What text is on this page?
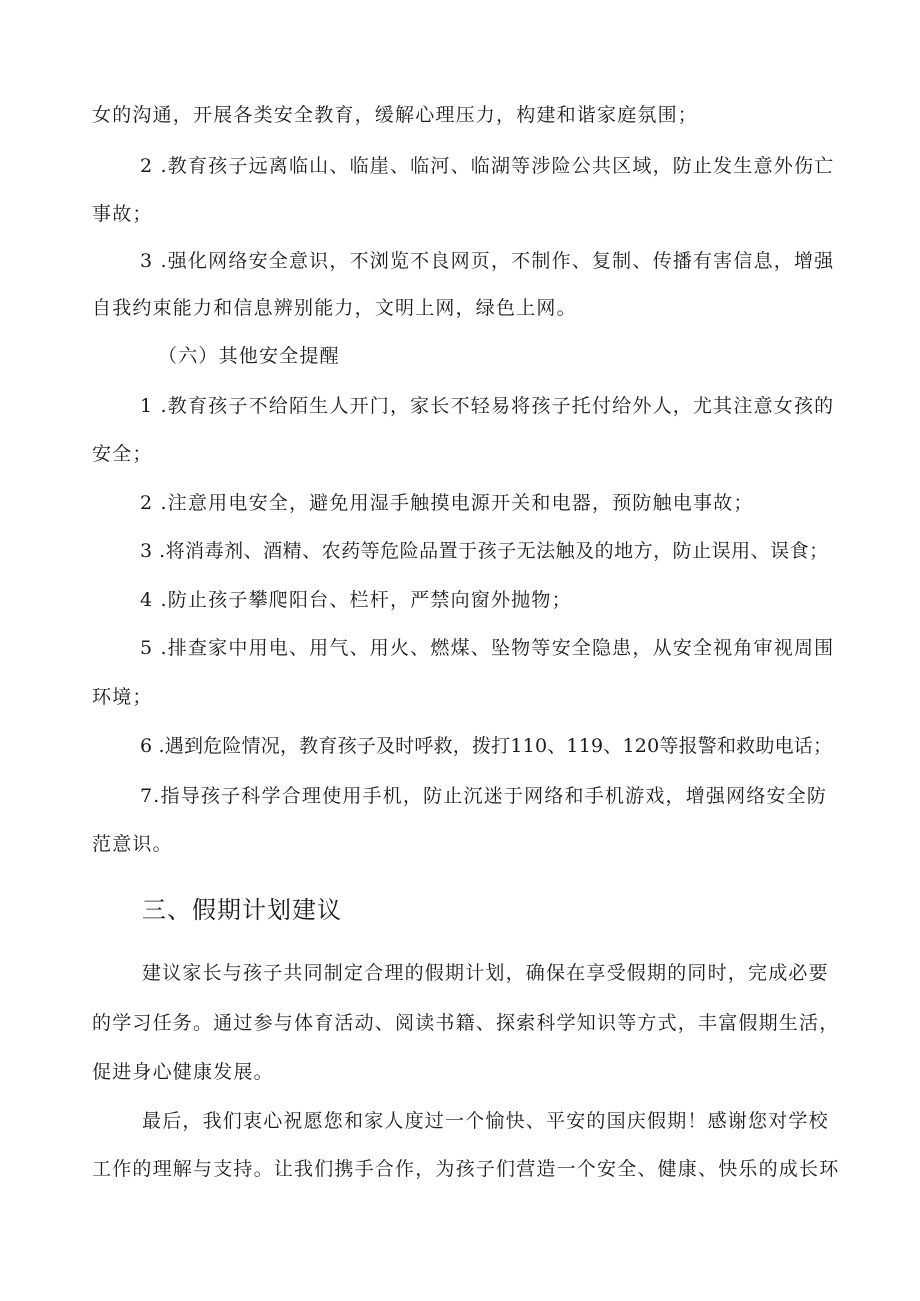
女的沟通，开展各类安全教育，缓解心理压力，构建和谐家庭氛围；

2 .教育孩子远离临山、临崖、临河、临湖等涉险公共区域，防止发生意外伤亡

事故；

3 .强化网络安全意识，不浏览不良网页，不制作、复制、传播有害信息，增强

自我约束能力和信息辨别能力，文明上网，绿色上网。

（六）其他安全提醒

1 .教育孩子不给陌生人开门，家长不轻易将孩子托付给外人，尤其注意女孩的

安全；

2 .注意用电安全，避免用湿手触摸电源开关和电器，预防触电事故；

3 .将消毒剂、酒精、农药等危险品置于孩子无法触及的地方，防止误用、误食；

4 .防止孩子攀爬阳台、栏杆，严禁向窗外抛物；

5 .排查家中用电、用气、用火、燃煤、坠物等安全隐患，从安全视角审视周围

环境；

6 .遇到危险情况，教育孩子及时呼救，拨打110、119、120等报警和救助电话；

7.指导孩子科学合理使用手机，防止沉迷于网络和手机游戏，增强网络安全防

范意识。

三、假期计划建议

建议家长与孩子共同制定合理的假期计划，确保在享受假期的同时，完成必要

的学习任务。通过参与体育活动、阅读书籍、探索科学知识等方式，丰富假期生活，

促进身心健康发展。

最后，我们衷心祝愿您和家人度过一个愉快、平安的国庆假期！感谢您对学校

工作的理解与支持。让我们携手合作，为孩子们营造一个安全、健康、快乐的成长环
